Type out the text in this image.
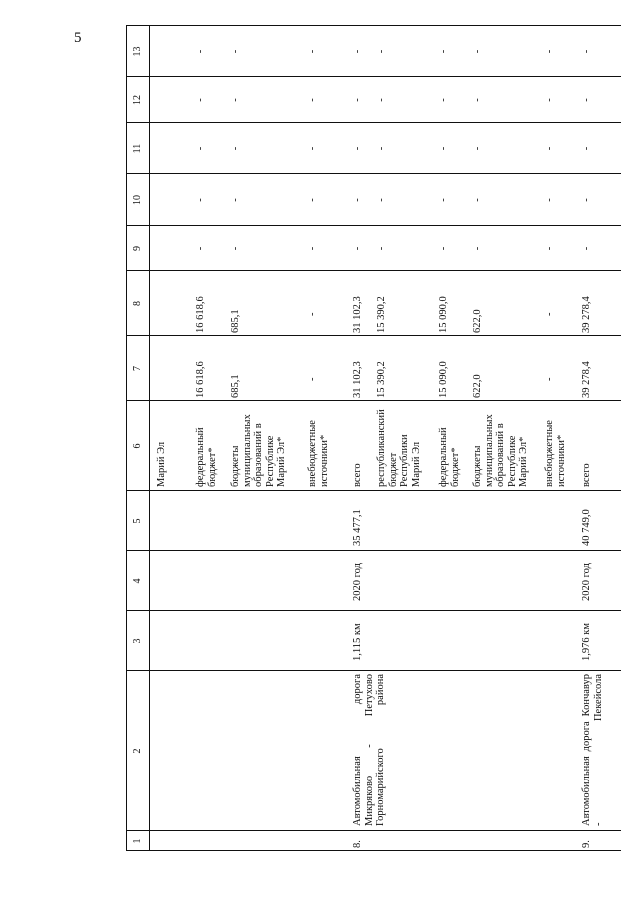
5
1
2
3
4
5
6
7
8
9
10
11
12
13
Марий Эл	федеральный бюджет*
16 618,6
16 618,6
бюджеты муниципальных образований в Республике Марий Эл*
685,1
685,1
внебюджетные источники*
-
-
8.
Автомобильная дорога Микряково - Петухово Горномарийского района
1,115 км
2020 год
35 477,1
всего
31 102,3
31 102,3
республиканский бюджет Республики Марий Эл
15 390,2
15 390,2
федеральный бюджет*
15 090,0
15 090,0
бюджеты муниципальных образований в Республике Марий Эл*
622,0
622,0
внебюджетные источники*
-
-
9.
Автомобильная дорога Кончавур - Пекейсола
1,976 км
2020 год
40 749,0
всего
39 278,4
39 278,4
-
-
-
-
-
-
-
-
-
-
-
-
-
-
-
-
-
-
-
-
-
-
-
-
-
-
-
-
-
-
-
-
-
-
-
-
-
-
-
-
-
-
-
-
-
